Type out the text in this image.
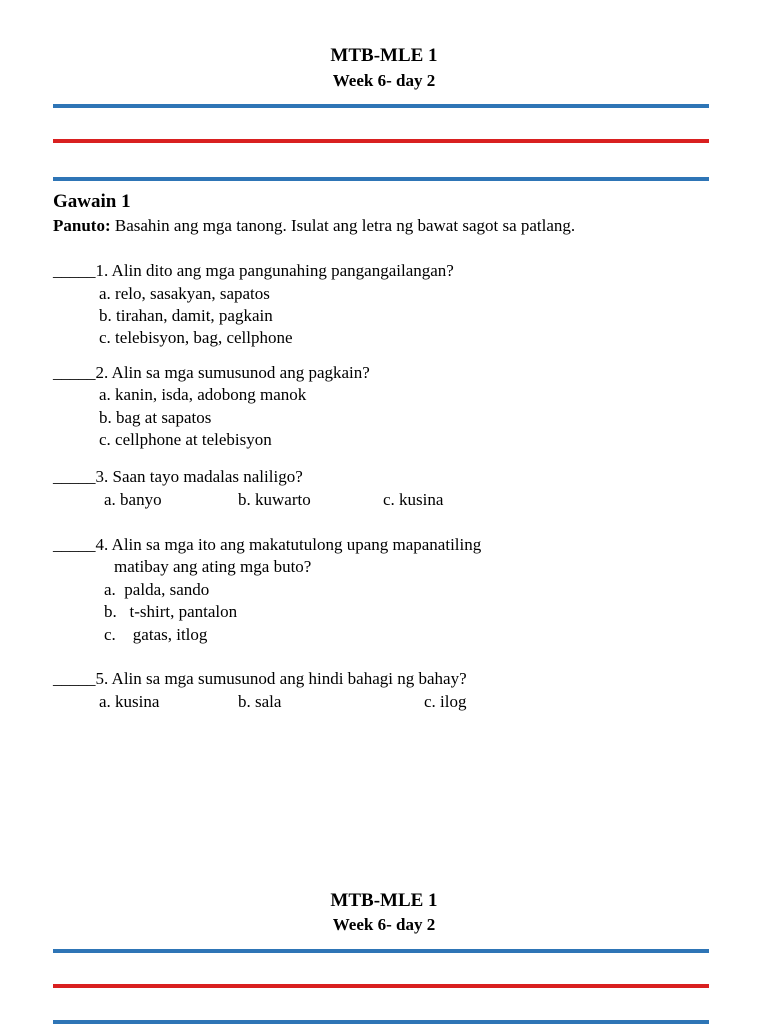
MTB-MLE 1
Week 6- day 2
Gawain 1
Panuto: Basahin ang mga tanong. Isulat ang letra ng bawat sagot sa patlang.
_____1. Alin dito ang mga pangunahing pangangailangan?
a. relo, sasakyan, sapatos
b. tirahan, damit, pagkain
c. telebisyon, bag, cellphone
_____2. Alin sa mga sumusunod ang pagkain?
a. kanin, isda, adobong manok
b. bag at sapatos
c. cellphone at telebisyon
_____3. Saan tayo madalas naliligo?
a. banyo	b. kuwarto	c. kusina
_____4. Alin sa mga ito ang makatutulong upang mapanatiling
matibay ang ating mga buto?
a.  palda, sando
b.   t-shirt, pantalon
c.    gatas, itlog
_____5. Alin sa mga sumusunod ang hindi bahagi ng bahay?
a. kusina	b. sala	c. ilog
MTB-MLE 1
Week 6- day 2
